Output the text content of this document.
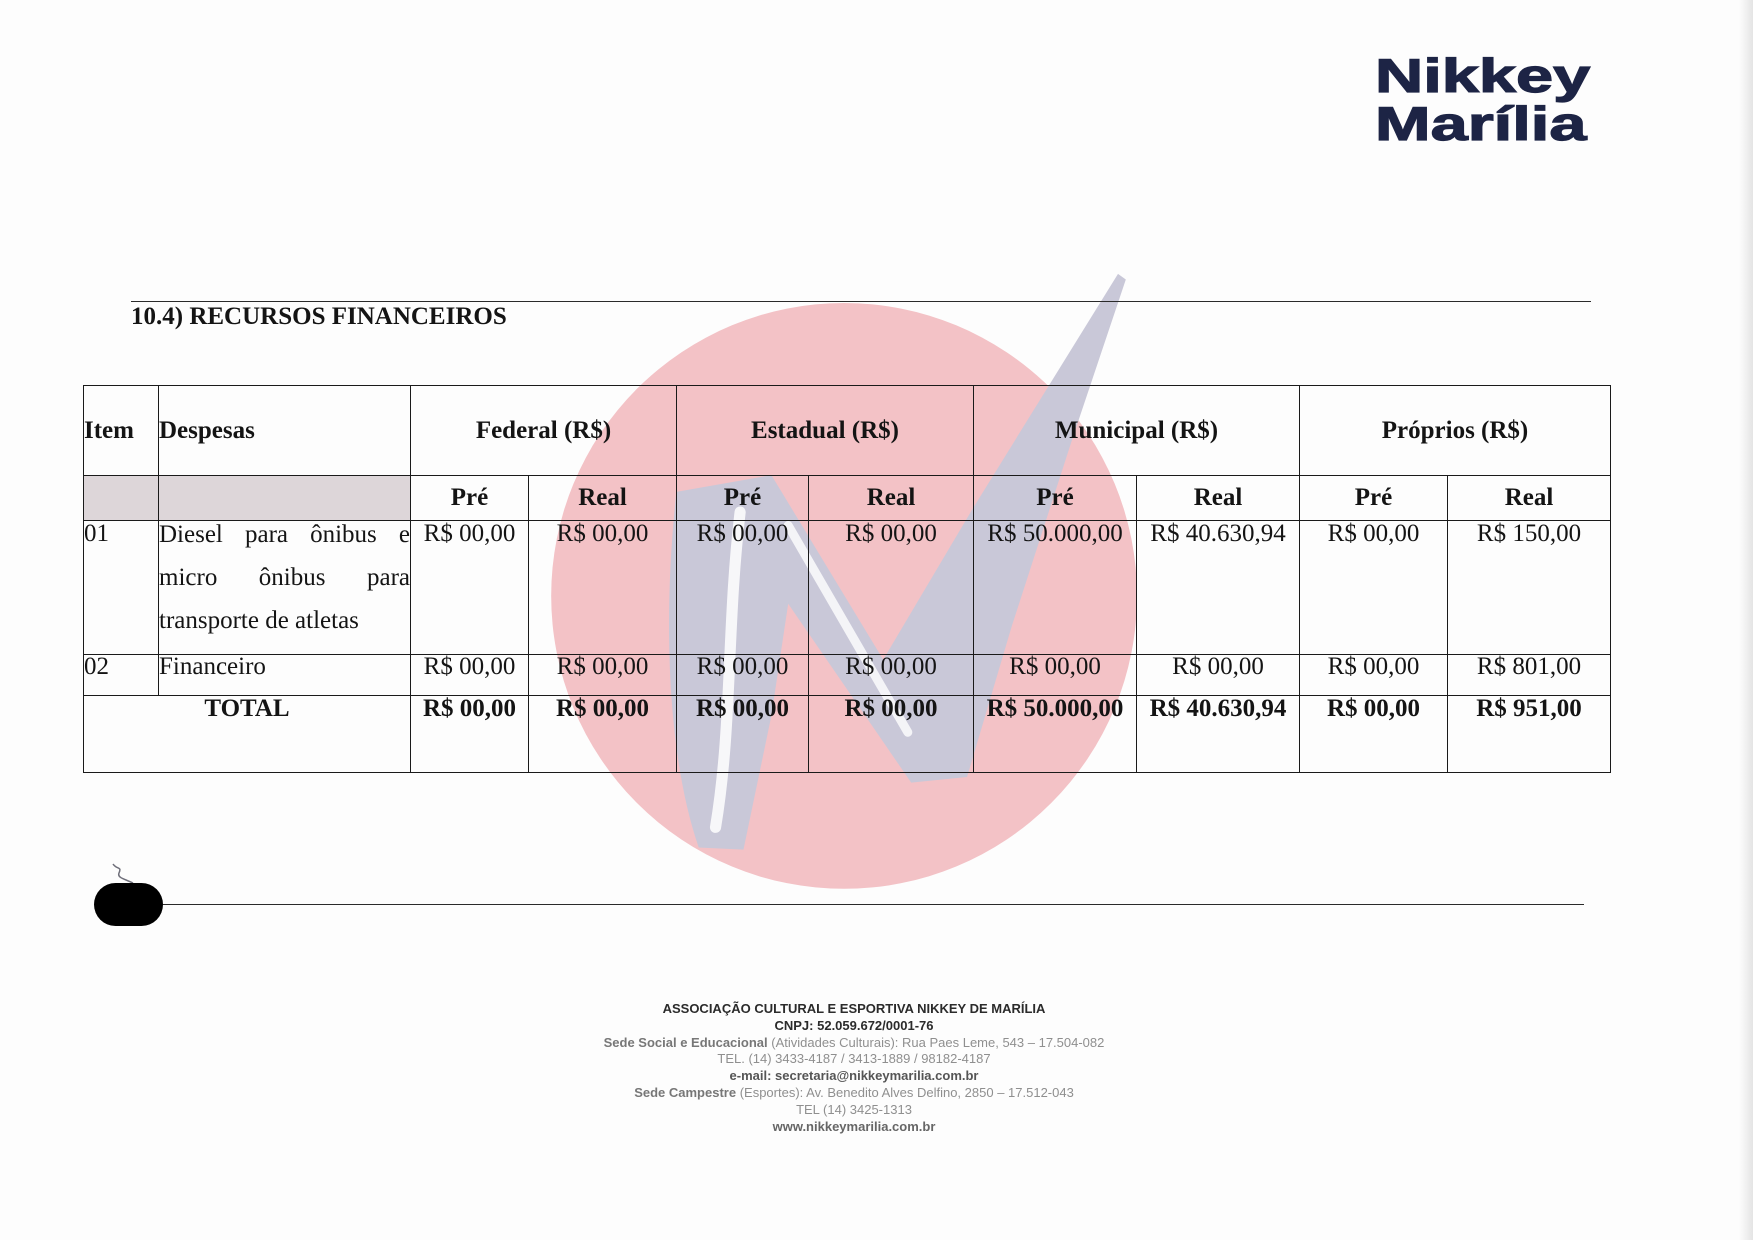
Nikkey
Marília
10.4) RECURSOS FINANCEIROS
Item	Despesas	Federal (R$)		Estadual (R$)		Municipal (R$)		Próprios (R$)	
		Pré	Real	Pré	Real	Pré	Real	Pré	Real
01	Diesel para ônibus e micro ônibus para transporte de atletas	R$ 00,00	R$ 00,00	R$ 00,00	R$ 00,00	R$ 50.000,00	R$ 40.630,94	R$ 00,00	R$ 150,00
02	Financeiro	R$ 00,00	R$ 00,00	R$ 00,00	R$ 00,00	R$ 00,00	R$ 00,00	R$ 00,00	R$ 801,00
TOTAL		R$ 00,00	R$ 00,00	R$ 00,00	R$ 00,00	R$ 50.000,00	R$ 40.630,94	R$ 00,00	R$ 951,00
ASSOCIAÇÃO CULTURAL E ESPORTIVA NIKKEY DE MARÍLIA
CNPJ: 52.059.672/0001-76
Sede Social e Educacional (Atividades Culturais): Rua Paes Leme, 543 – 17.504-082
TEL. (14) 3433-4187 / 3413-1889 / 98182-4187
e-mail: secretaria@nikkeymarilia.com.br
Sede Campestre (Esportes): Av. Benedito Alves Delfino, 2850 – 17.512-043
TEL (14) 3425-1313
www.nikkeymarilia.com.br
